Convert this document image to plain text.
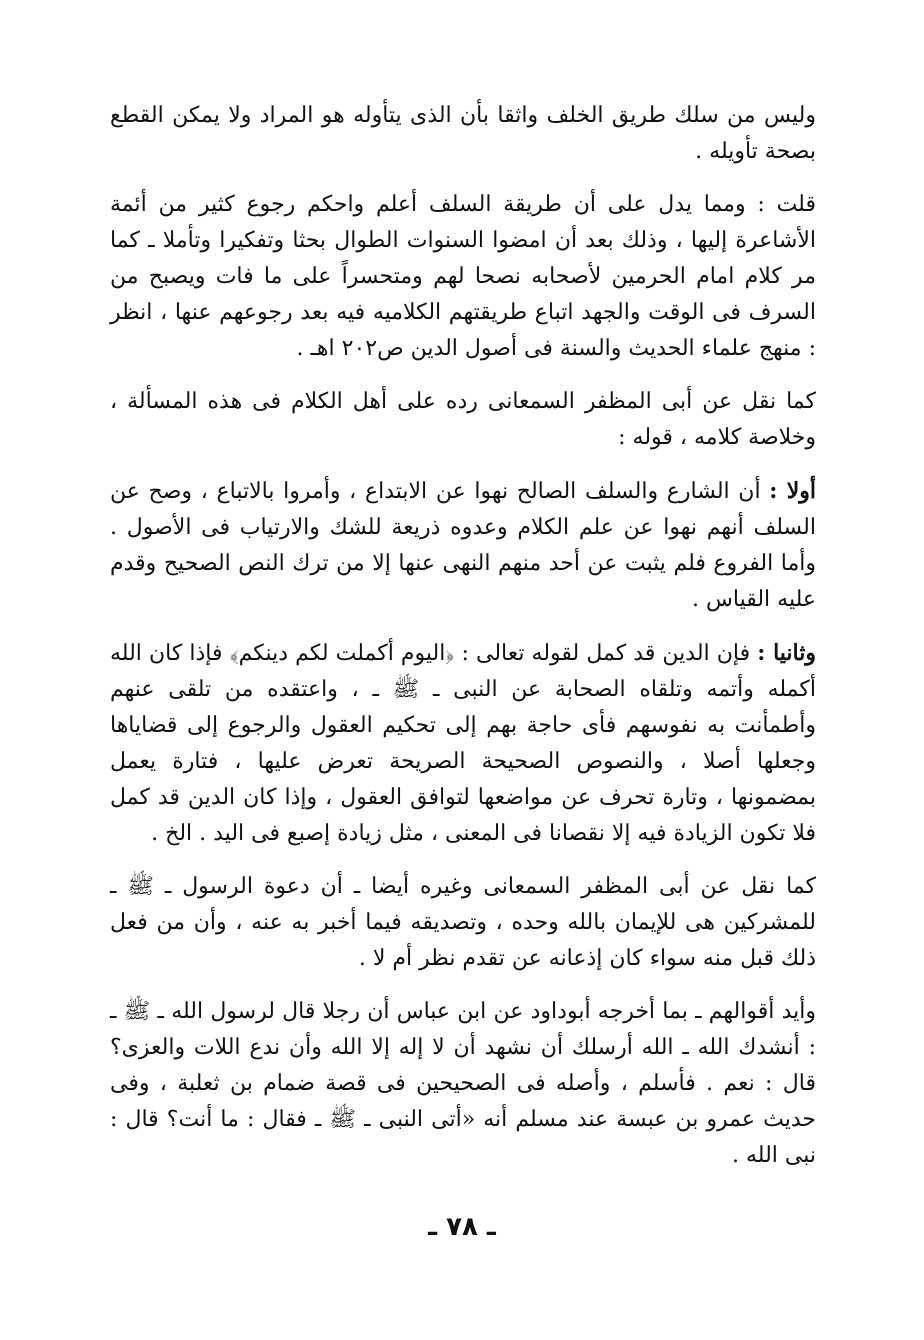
وليس من سلك طريق الخلف واثقا بأن الذى يتأوله هو المراد ولا يمكن القطع بصحة تأويله .

قلت : ومما يدل على أن طريقة السلف أعلم واحكم رجوع كثير من أئمة الأشاعرة إليها ، وذلك بعد أن امضوا السنوات الطوال بحثا وتفكيرا وتأملا ـ كما مر كلام امام الحرمين لأصحابه نصحا لهم ومتحسراً على ما فات ويصبح من السرف فى الوقت والجهد اتباع طريقتهم الكلاميه فيه بعد رجوعهم عنها ، انظر : منهج علماء الحديث والسنة فى أصول الدين ص٢٠٢ اهـ .

كما نقل عن أبى المظفر السمعانى رده على أهل الكلام فى هذه المسألة ، وخلاصة كلامه ، قوله :

أولا : أن الشارع والسلف الصالح نهوا عن الابتداع ، وأمروا بالاتباع ، وصح عن السلف أنهم نهوا عن علم الكلام وعدوه ذريعة للشك والارتياب فى الأصول . وأما الفروع فلم يثبت عن أحد منهم النهى عنها إلا من ترك النص الصحيح وقدم عليه القياس .

وثانيا : فإن الدين قد كمل لقوله تعالى : ﴿اليوم أكملت لكم دينكم﴾ فإذا كان الله أكمله وأتمه وتلقاه الصحابة عن النبى ـ ﷺ ـ ، واعتقده من تلقى عنهم وأطمأنت به نفوسهم فأى حاجة بهم إلى تحكيم العقول والرجوع إلى قضاياها وجعلها أصلا ، والنصوص الصحيحة الصريحة تعرض عليها ، فتارة يعمل بمضمونها ، وتارة تحرف عن مواضعها لتوافق العقول ، وإذا كان الدين قد كمل فلا تكون الزيادة فيه إلا نقصانا فى المعنى ، مثل زيادة إصبع فى اليد . الخ .

كما نقل عن أبى المظفر السمعانى وغيره أيضا ـ أن دعوة الرسول ـ ﷺ ـ للمشركين هى للإيمان بالله وحده ، وتصديقه فيما أخبر به عنه ، وأن من فعل ذلك قبل منه سواء كان إذعانه عن تقدم نظر أم لا .

وأيد أقوالهم ـ بما أخرجه أبوداود عن ابن عباس أن رجلا قال لرسول الله ـ ﷺ ـ : أنشدك الله ـ الله أرسلك أن نشهد أن لا إله إلا الله وأن ندع اللات والعزى؟ قال : نعم . فأسلم ، وأصله فى الصحيحين فى قصة ضمام بن ثعلبة ، وفى حديث عمرو بن عبسة عند مسلم أنه «أتى النبى ـ ﷺ ـ فقال : ما أنت؟ قال : نبى الله .

ـ ٧٨ ـ
